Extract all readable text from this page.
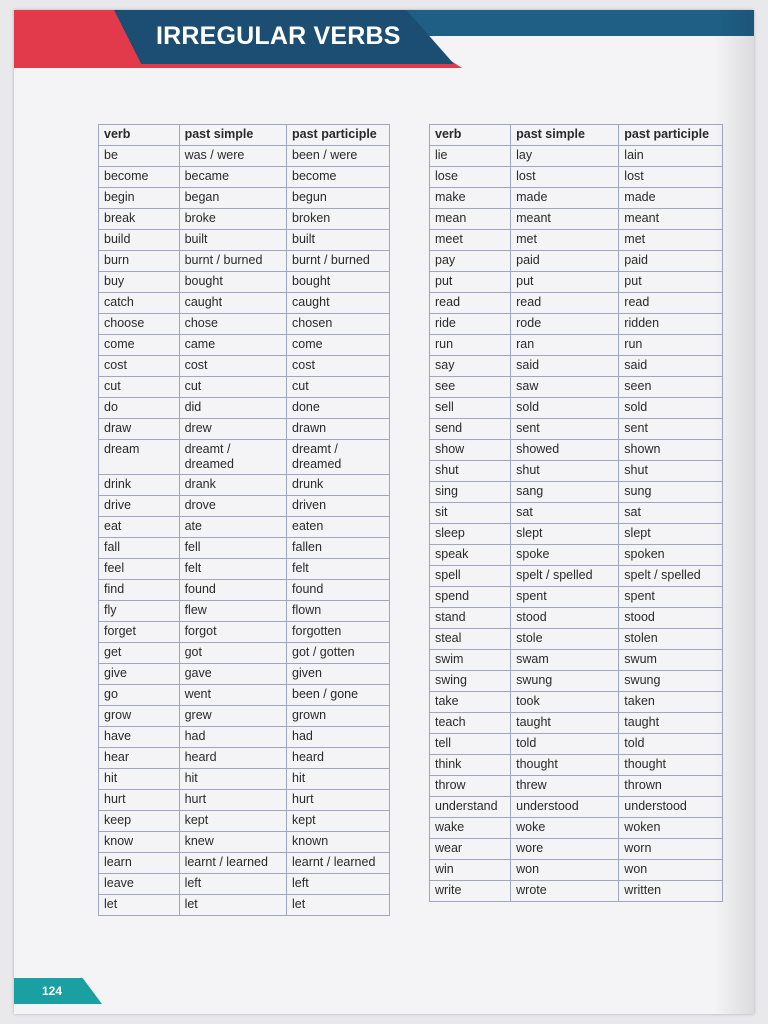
IRREGULAR VERBS
verb	past simple	past participle
be	was / were	been / were
become	became	become
begin	began	begun
break	broke	broken
build	built	built
burn	burnt / burned	burnt / burned
buy	bought	bought
catch	caught	caught
choose	chose	chosen
come	came	come
cost	cost	cost
cut	cut	cut
do	did	done
draw	drew	drawn
dream	dreamt / dreamed	dreamt / dreamed
drink	drank	drunk
drive	drove	driven
eat	ate	eaten
fall	fell	fallen
feel	felt	felt
find	found	found
fly	flew	flown
forget	forgot	forgotten
get	got	got / gotten
give	gave	given
go	went	been / gone
grow	grew	grown
have	had	had
hear	heard	heard
hit	hit	hit
hurt	hurt	hurt
keep	kept	kept
know	knew	known
learn	learnt / learned	learnt / learned
leave	left	left
let	let	let
verb	past simple	past participle
lie	lay	lain
lose	lost	lost
make	made	made
mean	meant	meant
meet	met	met
pay	paid	paid
put	put	put
read	read	read
ride	rode	ridden
run	ran	run
say	said	said
see	saw	seen
sell	sold	sold
send	sent	sent
show	showed	shown
shut	shut	shut
sing	sang	sung
sit	sat	sat
sleep	slept	slept
speak	spoke	spoken
spell	spelt / spelled	spelt / spelled
spend	spent	spent
stand	stood	stood
steal	stole	stolen
swim	swam	swum
swing	swung	swung
take	took	taken
teach	taught	taught
tell	told	told
think	thought	thought
throw	threw	thrown
understand	understood	understood
wake	woke	woken
wear	wore	worn
win	won	won
write	wrote	written
124
